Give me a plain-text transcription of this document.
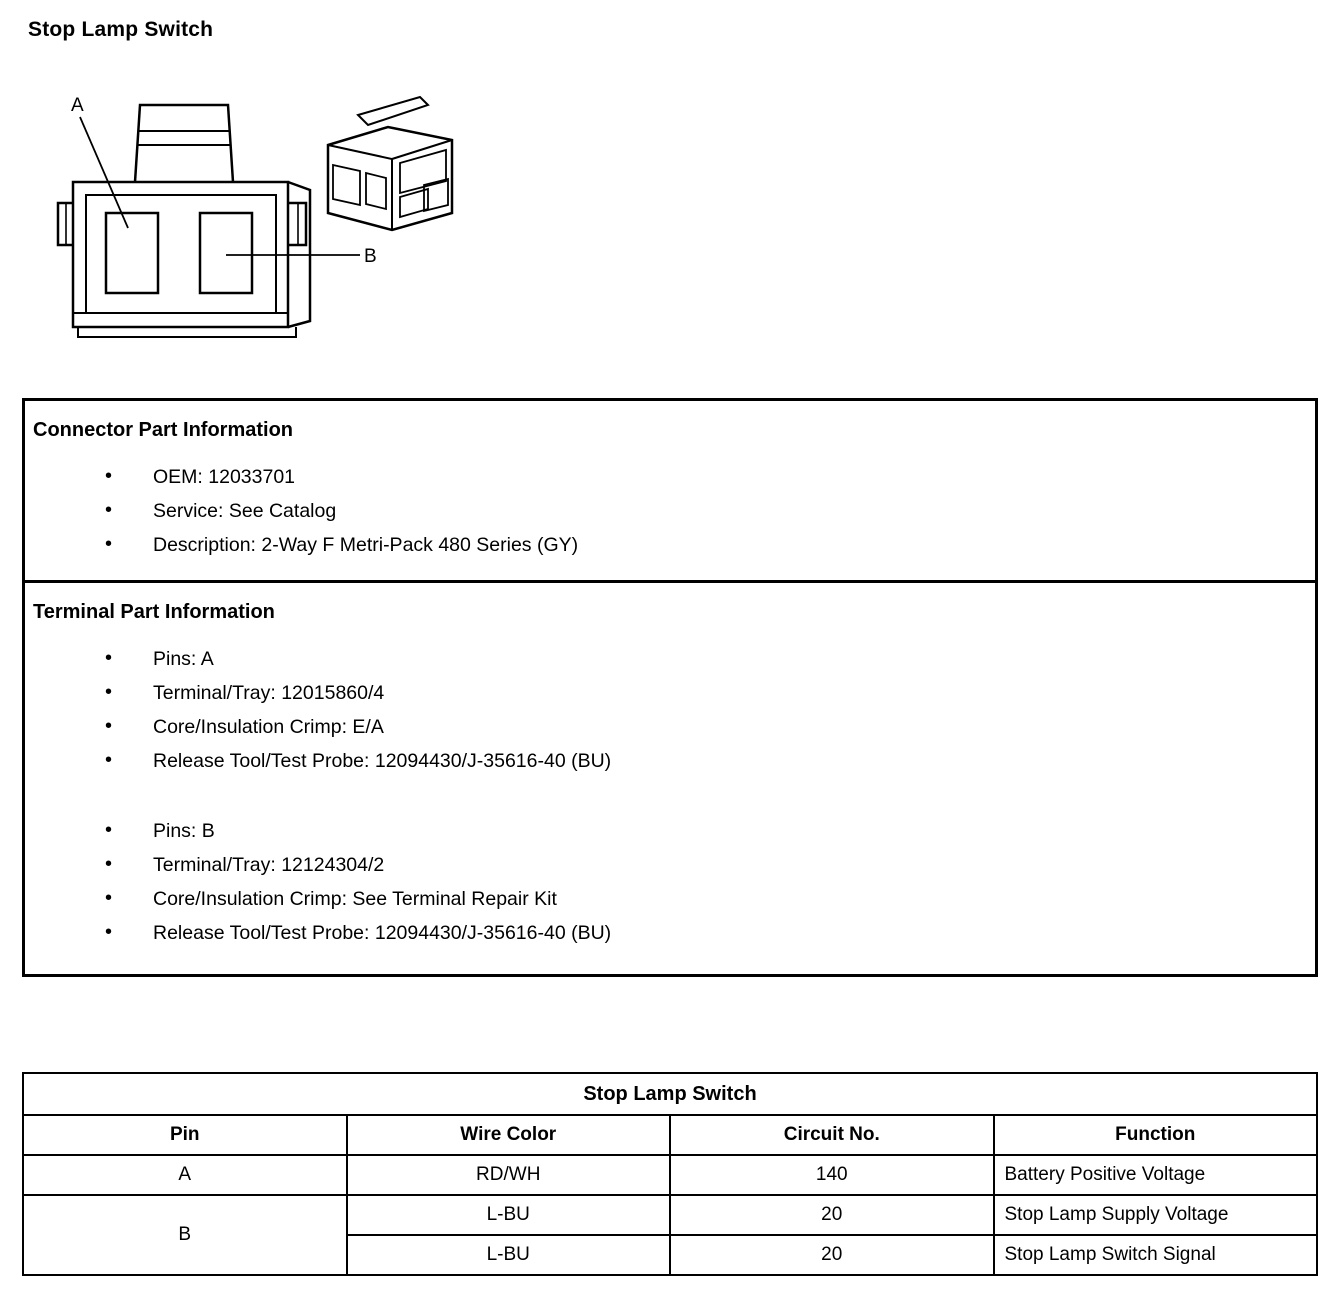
Stop Lamp Switch
A
B
Connector Part Information
• OEM: 12033701
• Service: See Catalog
• Description: 2-Way F Metri-Pack 480 Series (GY)
Terminal Part Information
• Pins: A
• Terminal/Tray: 12015860/4
• Core/Insulation Crimp: E/A
• Release Tool/Test Probe: 12094430/J-35616-40 (BU)
• Pins: B
• Terminal/Tray: 12124304/2
• Core/Insulation Crimp: See Terminal Repair Kit
• Release Tool/Test Probe: 12094430/J-35616-40 (BU)
Stop Lamp Switch			
Pin	Wire Color	Circuit No.	Function
A	RD/WH	140	Battery Positive Voltage
B	L-BU	20	Stop Lamp Supply Voltage
	L-BU	20	Stop Lamp Switch Signal
